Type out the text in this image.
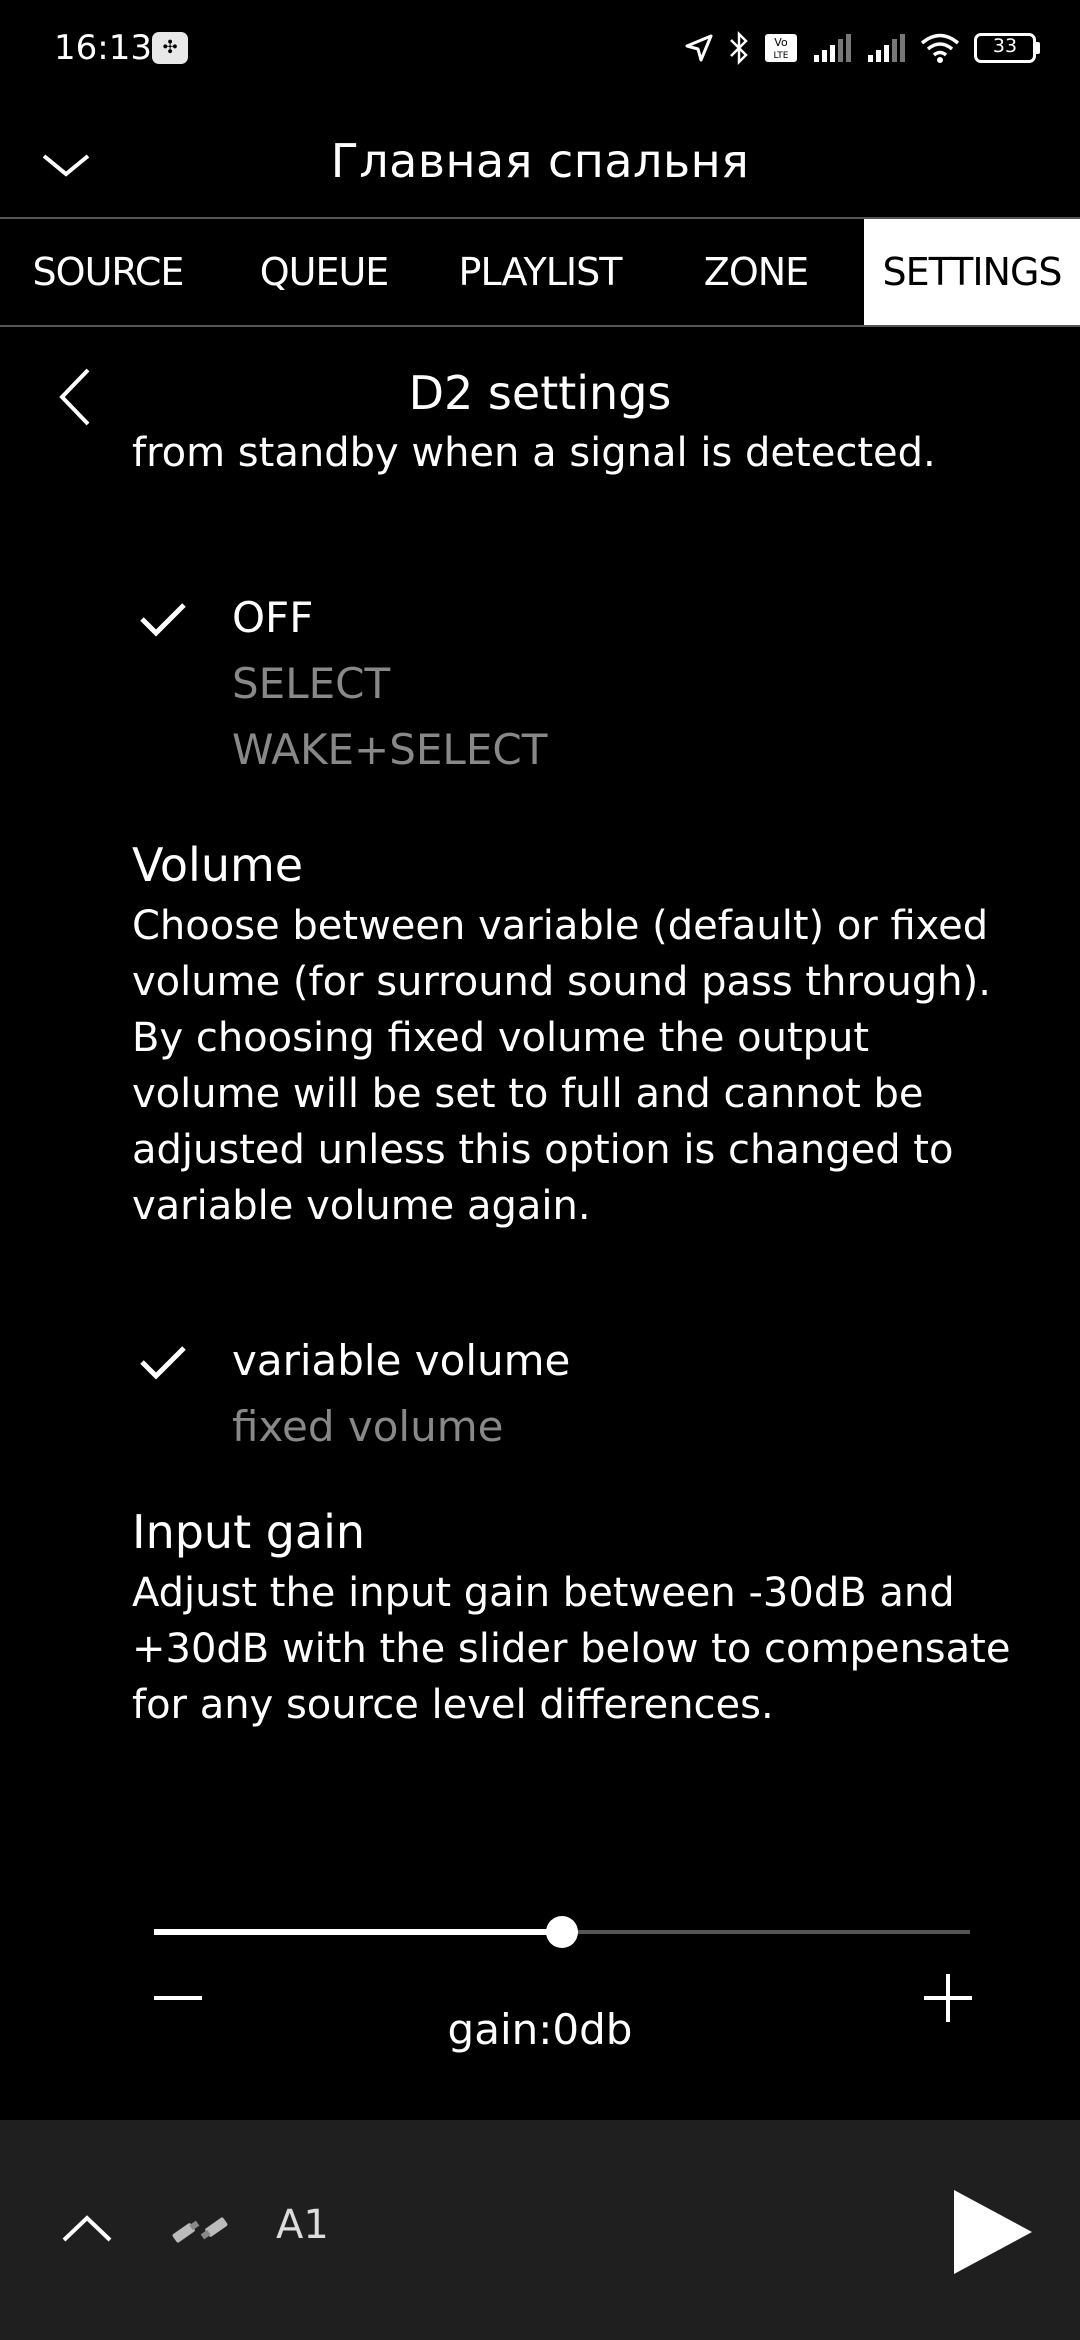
16:13 ✣	Vo
LTE	33
Главная спальня
SOURCE	QUEUE	PLAYLIST	ZONE	SETTINGS
D2 settings
from standby when a signal is detected.
OFF
SELECT
WAKE+SELECT
Volume
Choose between variable (default) or fixed volume (for surround sound pass through).
By choosing fixed volume the output volume will be set to full and cannot be adjusted unless this option is changed to variable volume again.
variable volume
fixed volume
Input gain
Adjust the input gain between -30dB and +30dB with the slider below to compensate for any source level differences.
gain:0db
A1
